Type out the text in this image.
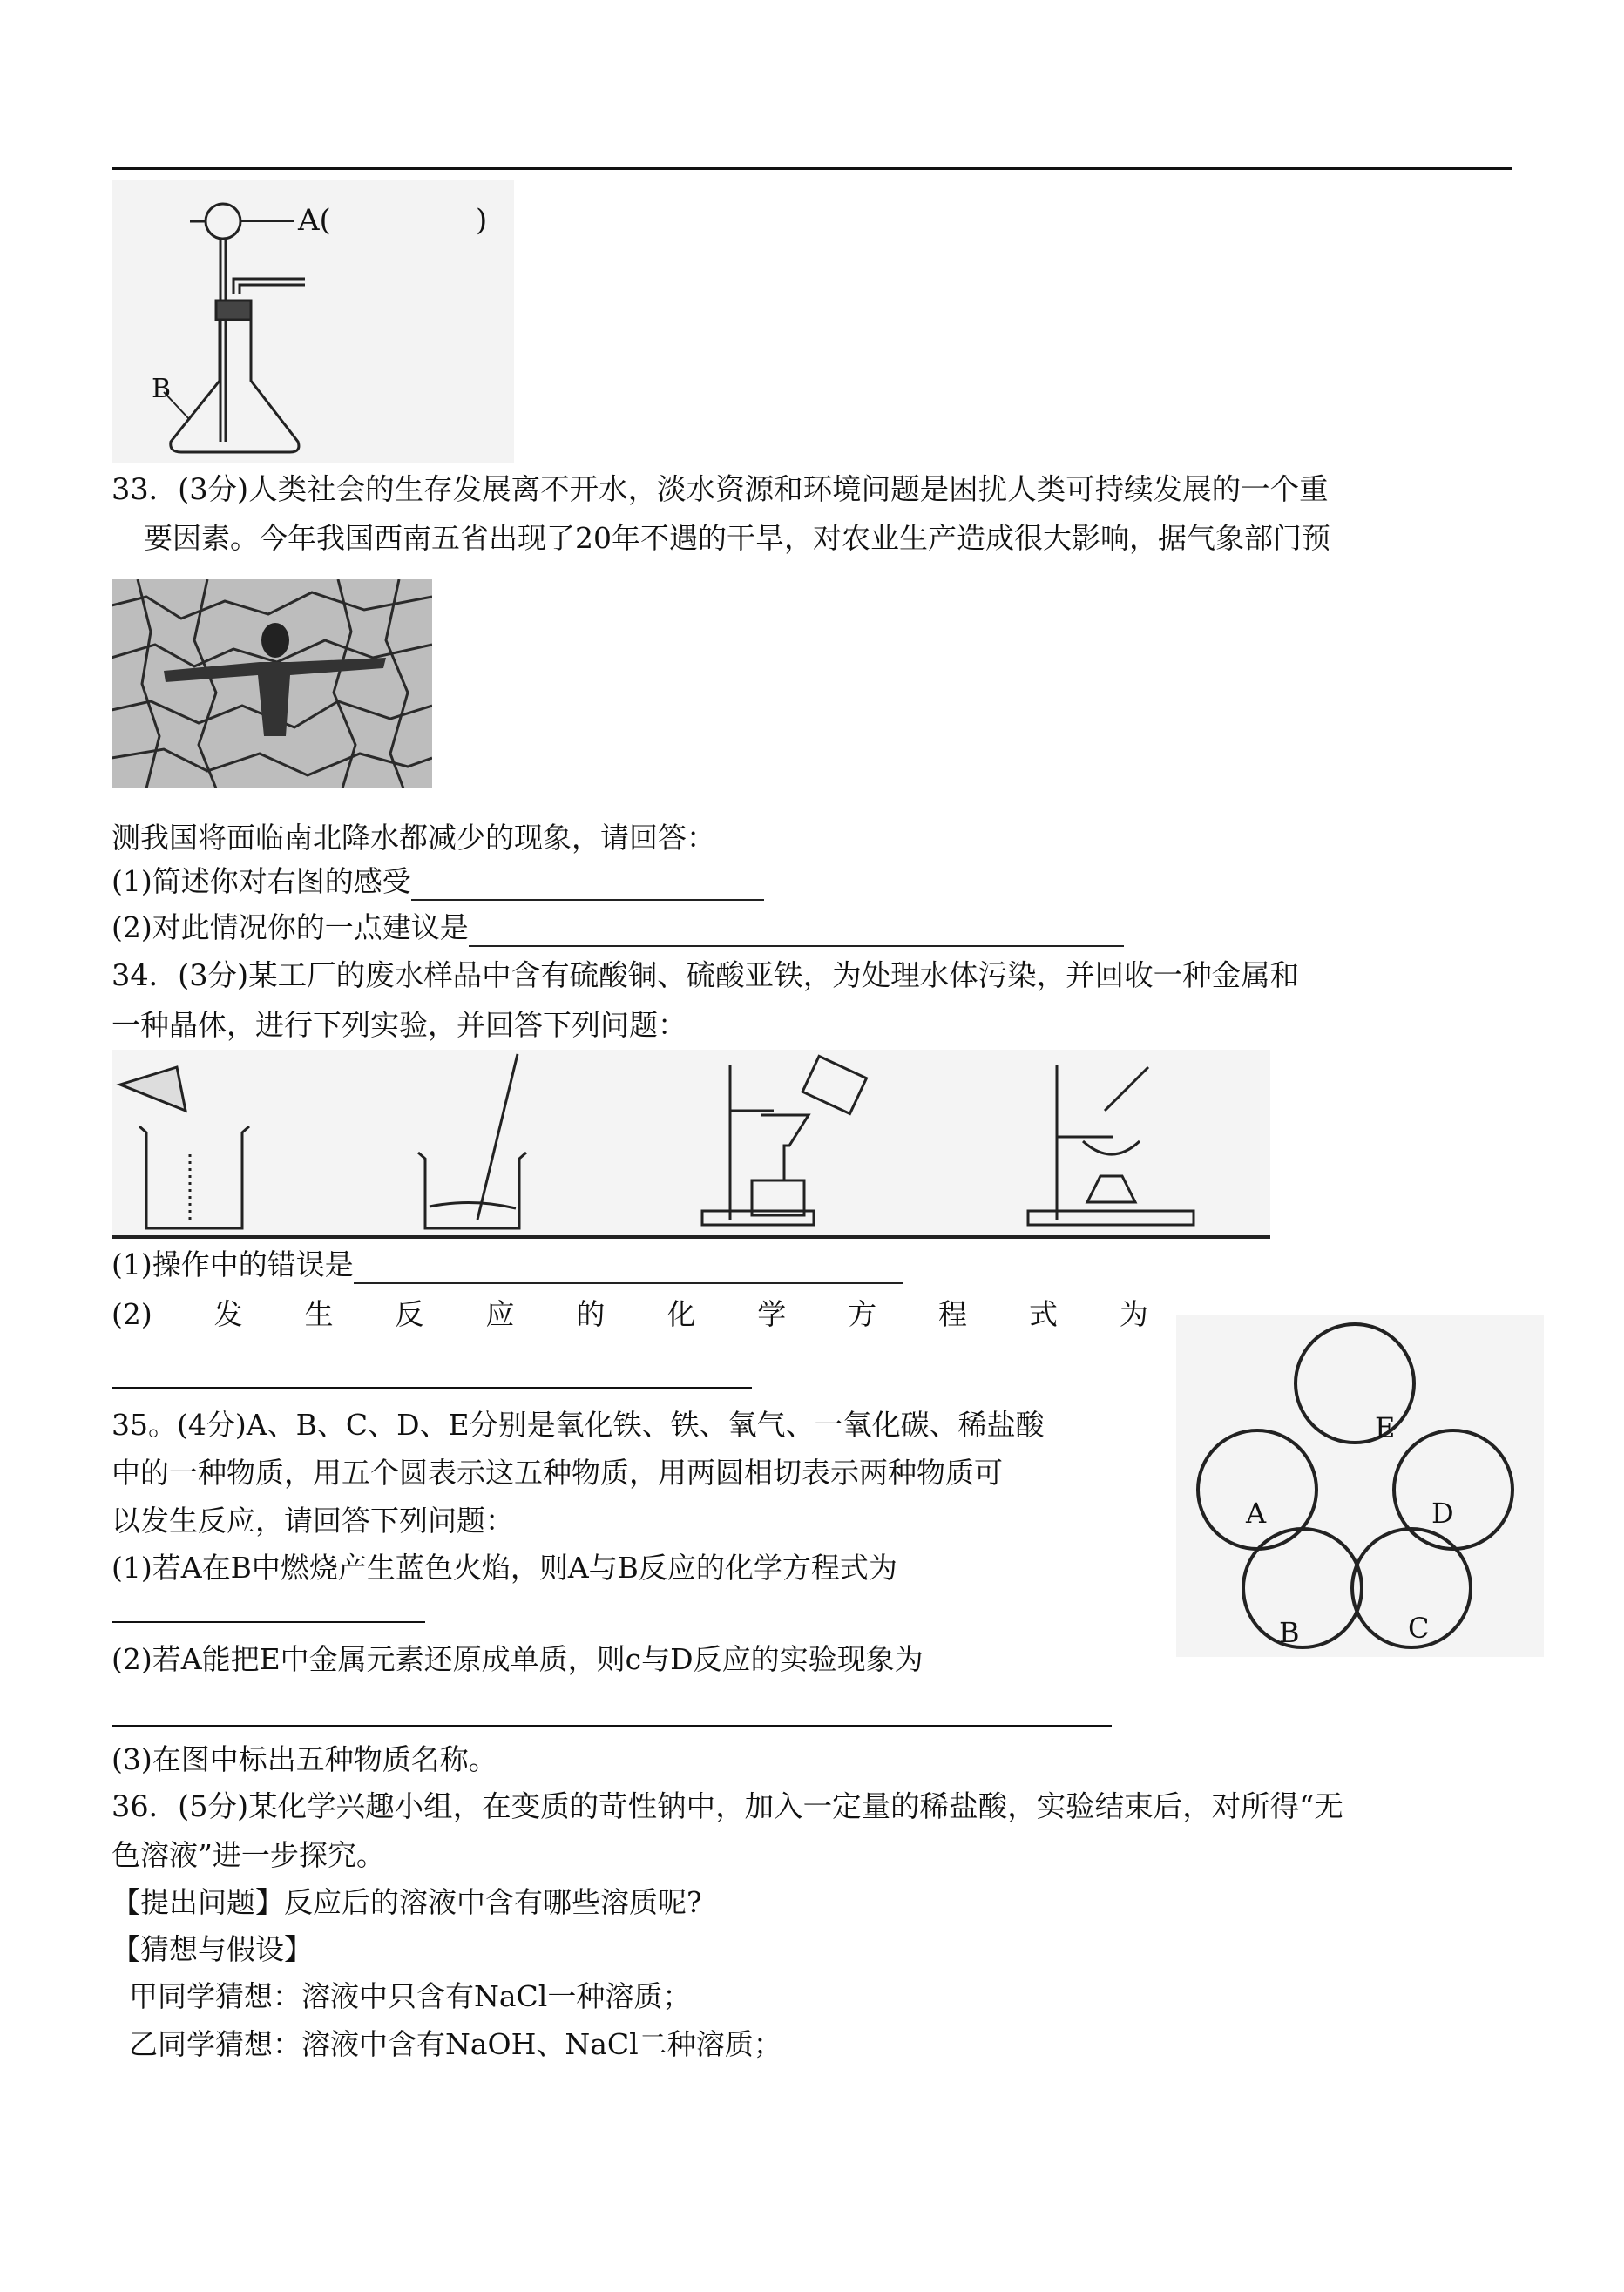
A(	)
B
33．(3分)人类社会的生存发展离不开水，淡水资源和环境问题是困扰人类可持续发展的一个重
要因素。今年我国西南五省出现了20年不遇的干旱，对农业生产造成很大影响，据气象部门预
测我国将面临南北降水都减少的现象，请回答：
(1)简述你对右图的感受
(2)对此情况你的一点建议是
34．(3分)某工厂的废水样品中含有硫酸铜、硫酸亚铁，为处理水体污染，并回收一种金属和
一种晶体，进行下列实验，并回答下列问题：
(1)操作中的错误是
(2) 发 生 反 应 的 化 学 方 程 式 为
35。(4分)A、B、C、D、E分别是氧化铁、铁、氧气、一氧化碳、稀盐酸
中的一种物质，用五个圆表示这五种物质，用两圆相切表示两种物质可
以发生反应，请回答下列问题：
(1)若A在B中燃烧产生蓝色火焰，则A与B反应的化学方程式为
(2)若A能把E中金属元素还原成单质，则c与D反应的实验现象为
(3)在图中标出五种物质名称。
E
A	D
B	C
36．(5分)某化学兴趣小组，在变质的苛性钠中，加入一定量的稀盐酸，实验结束后，对所得“无
色溶液”进一步探究。
【提出问题】反应后的溶液中含有哪些溶质呢?
【猜想与假设】
甲同学猜想：溶液中只含有NaCl一种溶质；
乙同学猜想：溶液中含有NaOH、NaCl二种溶质；
